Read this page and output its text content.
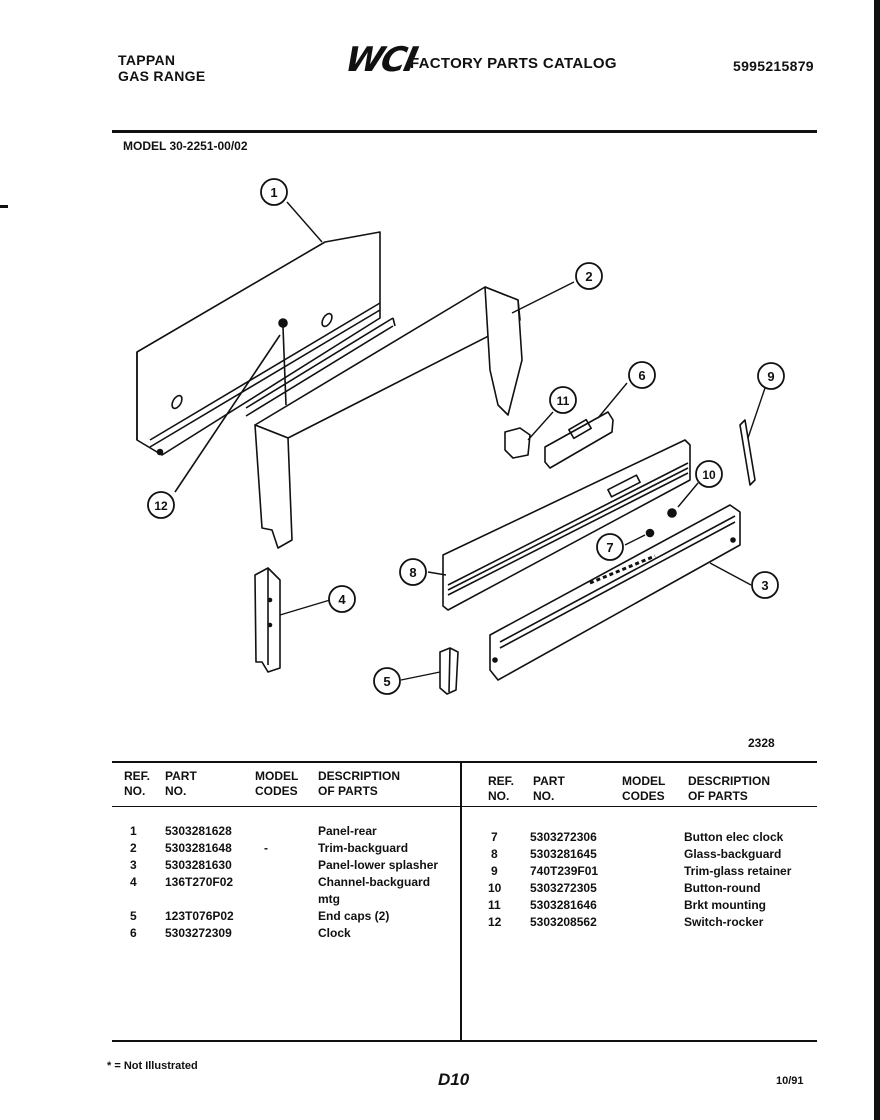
TAPPAN
GAS RANGE	WCI
FACTORY PARTS CATALOG	5995215879
MODEL 30-2251-00/02
1
2
3
4
5
6
7
8
9
10
11
12
2328
REF.
NO.
PART
NO.
MODEL
CODES
DESCRIPTION
OF PARTS
REF.
NO.
PART
NO.
MODEL
CODES
DESCRIPTION
OF PARTS
1 5303281628	Panel-rear
2 5303281648	-	Trim-backguard
3 5303281630	Panel-lower splasher
4 136T270F02	Channel-backguard
mtg
5 123T076P02	End caps (2)
6 5303272309	Clock
7	5303272306	Button elec clock
8	5303281645	Glass-backguard
9	740T239F01	Trim-glass retainer
10 5303272305	Button-round
11 5303281646	Brkt mounting
12 5303208562	Switch-rocker
* = Not Illustrated
D10	10/91
